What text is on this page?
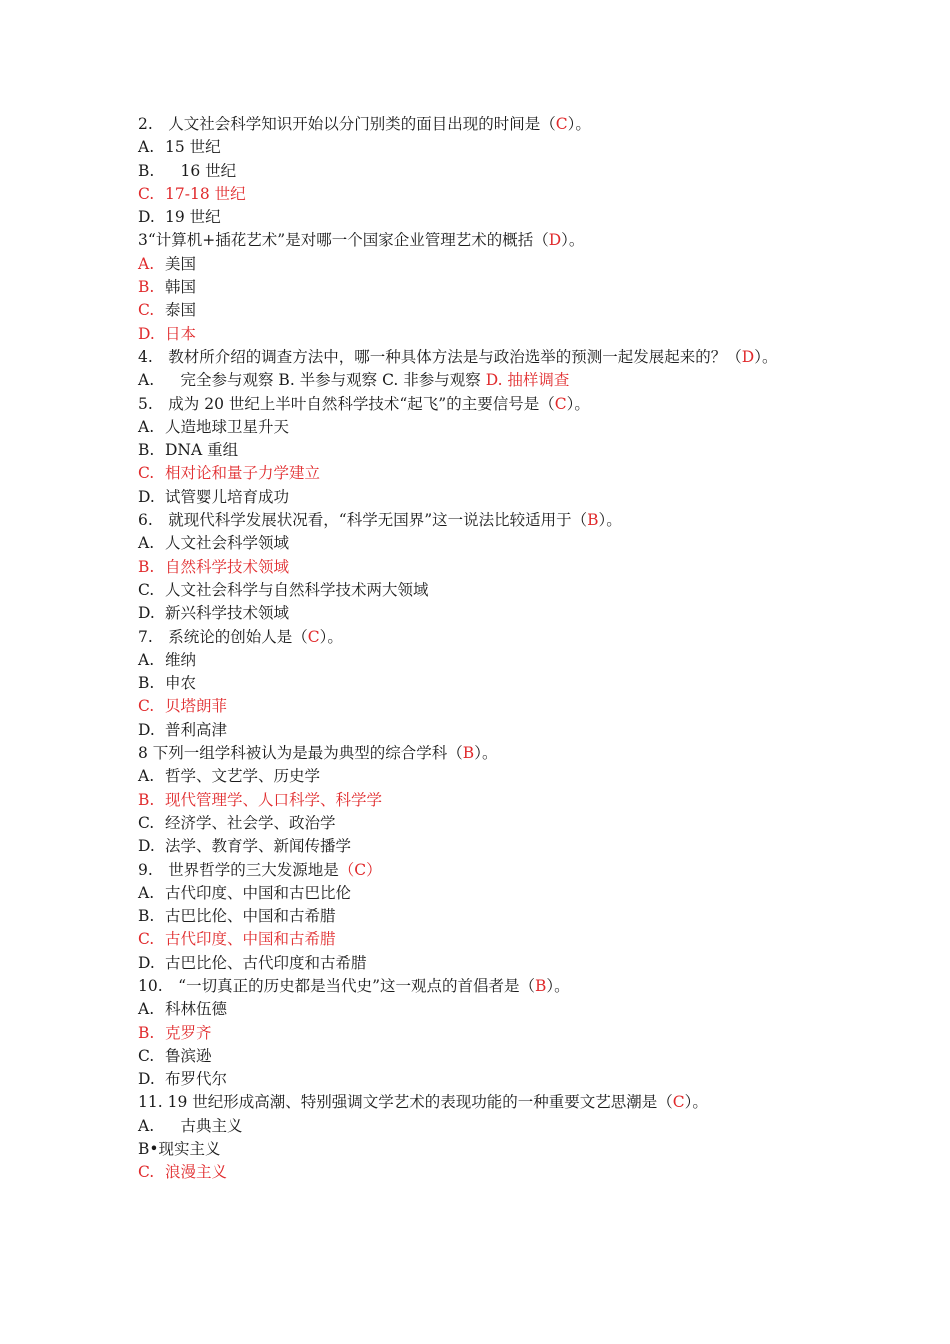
2.　人文社会科学知识开始以分门别类的面目出现的时间是（C）。
A. 15 世纪
B.　16 世纪
C. 17-18 世纪
D. 19 世纪
3“计算机+插花艺术”是对哪一个国家企业管理艺术的概括（D）。
A. 美国
B. 韩国
C. 泰国
D. 日本
4.　教材所介绍的调查方法中，哪一种具体方法是与政治选举的预测一起发展起来的？（D）。
A.　完全参与观察 B. 半参与观察 C. 非参与观察 D. 抽样调查
5.　成为 20 世纪上半叶自然科学技术“起飞”的主要信号是（C）。
A. 人造地球卫星升天
B. DNA 重组
C. 相对论和量子力学建立
D. 试管婴儿培育成功
6.　就现代科学发展状况看，“科学无国界”这一说法比较适用于（B）。
A. 人文社会科学领域
B. 自然科学技术领域
C. 人文社会科学与自然科学技术两大领域
D. 新兴科学技术领域
7.　系统论的创始人是（C）。
A. 维纳
B. 申农
C. 贝塔朗菲
D. 普利高津
8 下列一组学科被认为是最为典型的综合学科（B）。
A. 哲学、文艺学、历史学
B. 现代管理学、人口科学、科学学
C. 经济学、社会学、政治学
D. 法学、教育学、新闻传播学
9.　世界哲学的三大发源地是（C）
A. 古代印度、中国和古巴比伦
B. 古巴比伦、中国和古希腊
C. 古代印度、中国和古希腊
D. 古巴比伦、古代印度和古希腊
10.　“一切真正的历史都是当代史”这一观点的首倡者是（B）。
A. 科林伍德
B. 克罗齐
C. 鲁滨逊
D. 布罗代尔
11. 19 世纪形成高潮、特别强调文学艺术的表现功能的一种重要文艺思潮是（C）。
A.　古典主义
B•现实主义
C. 浪漫主义
